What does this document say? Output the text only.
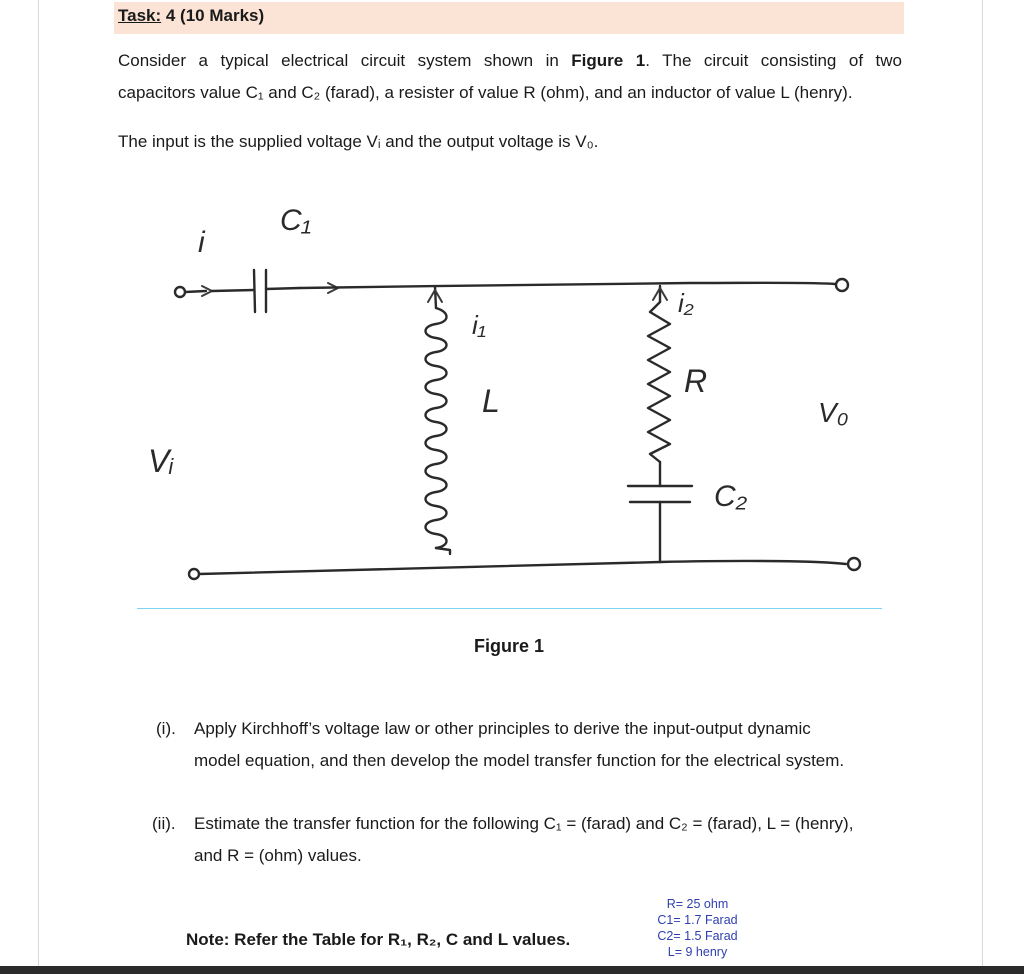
Task: 4 (10 Marks)
Consider a typical electrical circuit system shown in Figure 1. The circuit consisting of two
capacitors value C₁ and C₂ (farad), a resister of value R (ohm), and an inductor of value L (henry).
The input is the supplied voltage Vᵢ and the output voltage is V₀.
i
C₁
i₁
L
i₂
R
Vᵢ
V₀
C₂
Figure 1
(i). Apply Kirchhoff’s voltage law or other principles to derive the input-output dynamic
model equation, and then develop the model transfer function for the electrical system.
(ii). Estimate the transfer function for the following C₁ = (farad) and C₂ = (farad), L = (henry),
and R = (ohm) values.
Note: Refer the Table for R₁, R₂, C and L values.
R= 25 ohm
C1= 1.7 Farad
C2= 1.5 Farad
L= 9 henry
